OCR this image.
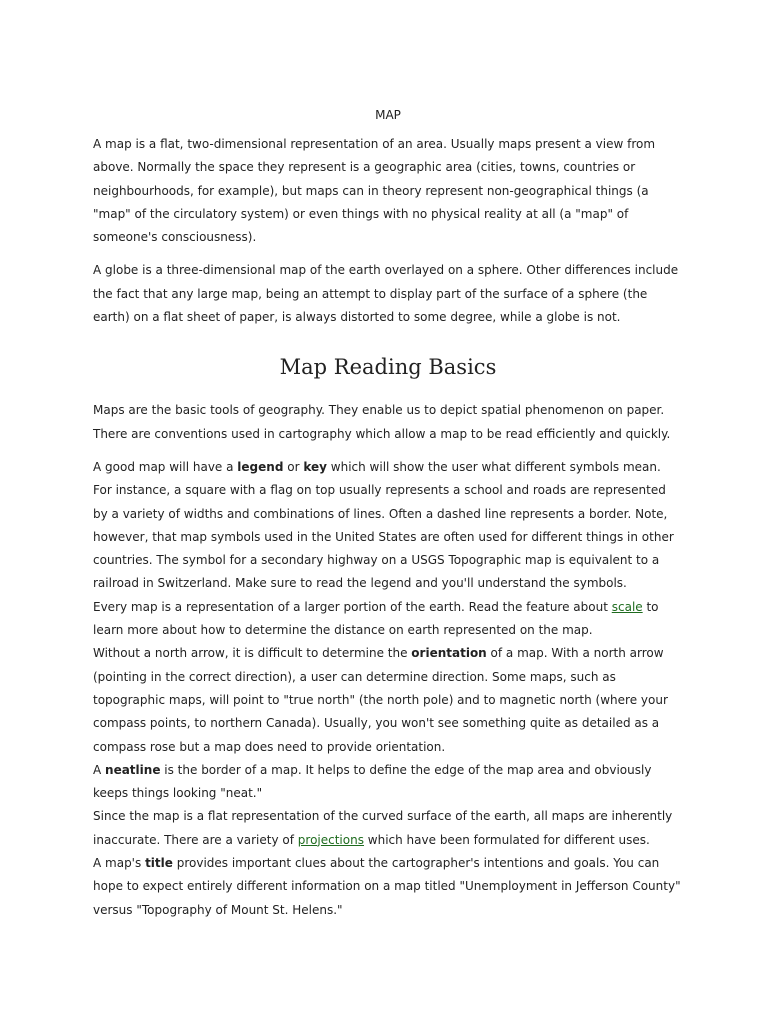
MAP

A map is a flat, two-dimensional representation of an area. Usually maps present a view from above. Normally the space they represent is a geographic area (cities, towns, countries or neighbourhoods, for example), but maps can in theory represent non-geographical things (a "map" of the circulatory system) or even things with no physical reality at all (a "map" of someone's consciousness).

A globe is a three-dimensional map of the earth overlayed on a sphere. Other differences include the fact that any large map, being an attempt to display part of the surface of a sphere (the earth) on a flat sheet of paper, is always distorted to some degree, while a globe is not.

Map Reading Basics

Maps are the basic tools of geography. They enable us to depict spatial phenomenon on paper. There are conventions used in cartography which allow a map to be read efficiently and quickly.

A good map will have a legend or key which will show the user what different symbols mean. For instance, a square with a flag on top usually represents a school and roads are represented by a variety of widths and combinations of lines. Often a dashed line represents a border. Note, however, that map symbols used in the United States are often used for different things in other countries. The symbol for a secondary highway on a USGS Topographic map is equivalent to a railroad in Switzerland. Make sure to read the legend and you'll understand the symbols.

Every map is a representation of a larger portion of the earth. Read the feature about scale to learn more about how to determine the distance on earth represented on the map.

Without a north arrow, it is difficult to determine the orientation of a map. With a north arrow (pointing in the correct direction), a user can determine direction. Some maps, such as topographic maps, will point to "true north" (the north pole) and to magnetic north (where your compass points, to northern Canada). Usually, you won't see something quite as detailed as a compass rose but a map does need to provide orientation.

A neatline is the border of a map. It helps to define the edge of the map area and obviously keeps things looking "neat."

Since the map is a flat representation of the curved surface of the earth, all maps are inherently inaccurate. There are a variety of projections which have been formulated for different uses.

A map's title provides important clues about the cartographer's intentions and goals. You can hope to expect entirely different information on a map titled "Unemployment in Jefferson County" versus "Topography of Mount St. Helens."
